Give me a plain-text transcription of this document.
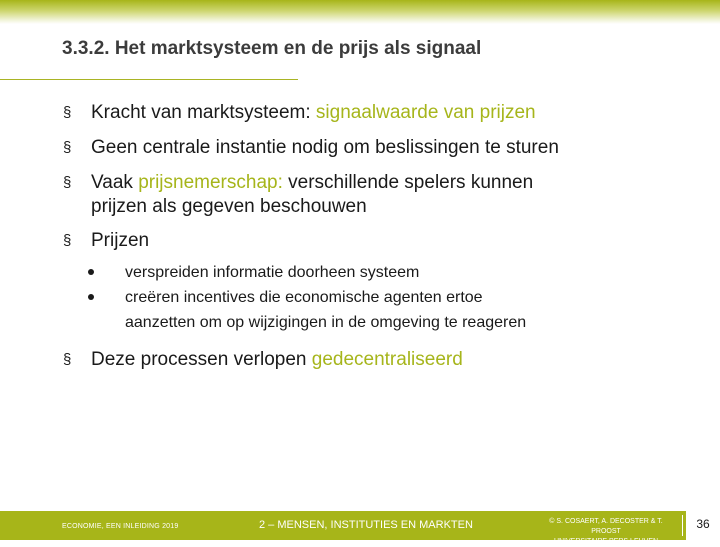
3.3.2. Het marktsysteem en de prijs als signaal
§ Kracht van marktsysteem: signaalwaarde van prijzen
§ Geen centrale instantie nodig om beslissingen te sturen
§ Vaak prijsnemerschap: verschillende spelers kunnen
prijzen als gegeven beschouwen
§ Prijzen
verspreiden informatie doorheen systeem
creëren incentives die economische agenten ertoe
aanzetten om op wijzigingen in de omgeving te reageren
§ Deze processen verlopen gedecentraliseerd
ECONOMIE, EEN INLEIDING 2019	2 – MENSEN, INSTITUTIES EN MARKTEN	© S. COSAERT, A. DECOSTER & T. PROOST
UNIVERSITAIRE PERS LEUVEN
36
